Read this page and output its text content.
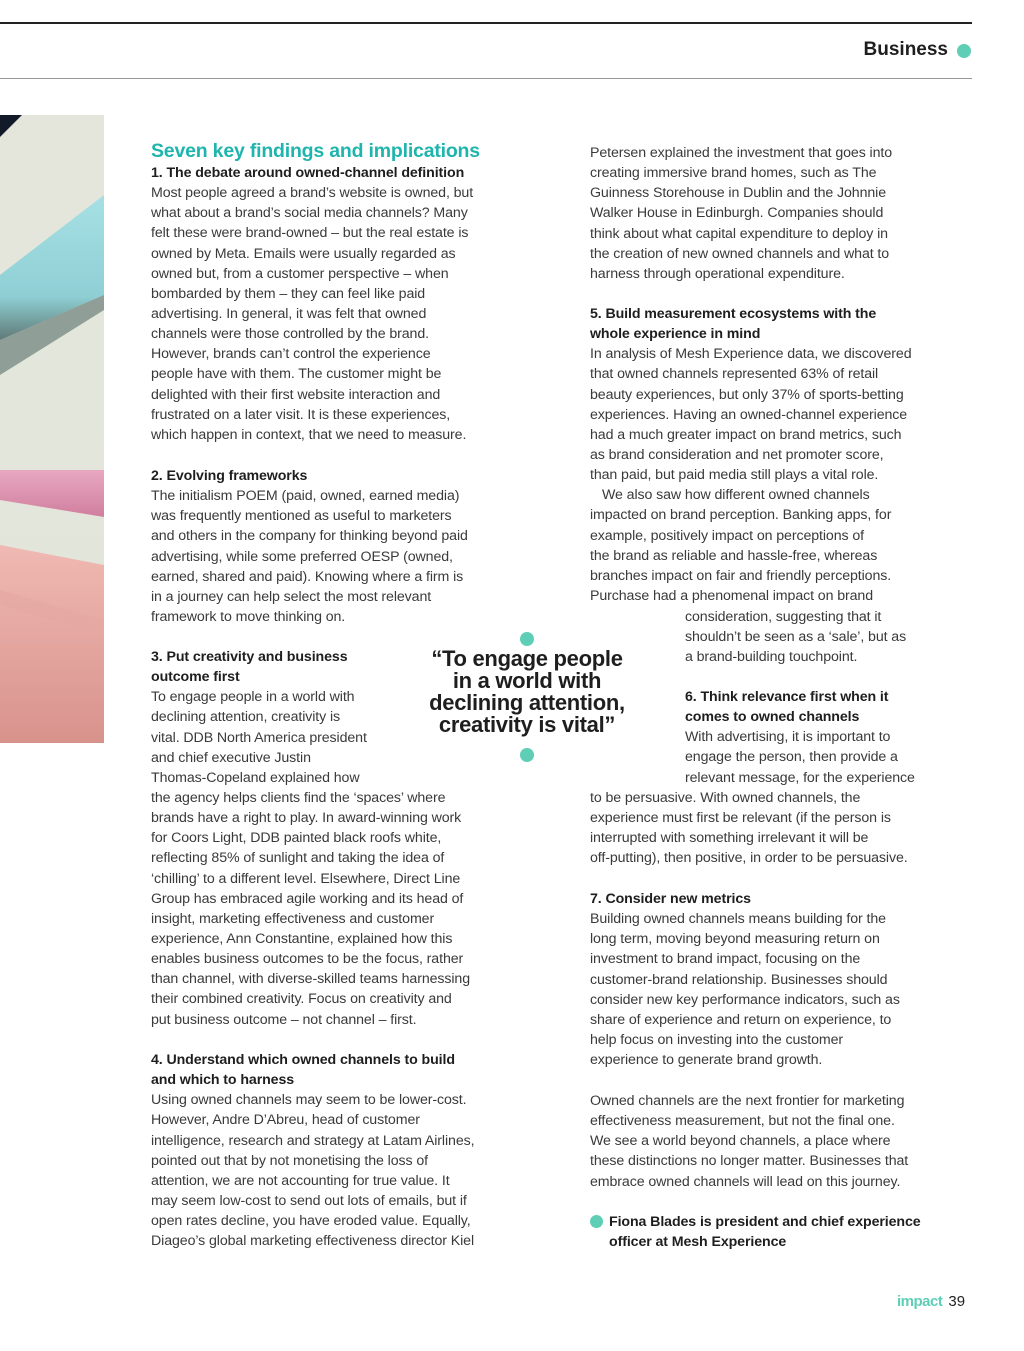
Business
Seven key findings and implications
1. The debate around owned-channel definition
Most people agreed a brand’s website is owned, but
what about a brand’s social media channels? Many
felt these were brand-owned – but the real estate is
owned by Meta. Emails were usually regarded as
owned but, from a customer perspective – when
bombarded by them – they can feel like paid
advertising. In general, it was felt that owned
channels were those controlled by the brand.
However, brands can’t control the experience
people have with them. The customer might be
delighted with their first website interaction and
frustrated on a later visit. It is these experiences,
which happen in context, that we need to measure.
2. Evolving frameworks
The initialism POEM (paid, owned, earned media)
was frequently mentioned as useful to marketers
and others in the company for thinking beyond paid
advertising, while some preferred OESP (owned,
earned, shared and paid). Knowing where a firm is
in a journey can help select the most relevant
framework to move thinking on.
3. Put creativity and business
outcome first
To engage people in a world with
declining attention, creativity is
vital. DDB North America president
and chief executive Justin
Thomas-Copeland explained how
the agency helps clients find the ‘spaces’ where
brands have a right to play. In award-winning work
for Coors Light, DDB painted black roofs white,
reflecting 85% of sunlight and taking the idea of
‘chilling’ to a different level. Elsewhere, Direct Line
Group has embraced agile working and its head of
insight, marketing effectiveness and customer
experience, Ann Constantine, explained how this
enables business outcomes to be the focus, rather
than channel, with diverse-skilled teams harnessing
their combined creativity. Focus on creativity and
put business outcome – not channel – first.
4. Understand which owned channels to build
and which to harness
Using owned channels may seem to be lower-cost.
However, Andre D’Abreu, head of customer
intelligence, research and strategy at Latam Airlines,
pointed out that by not monetising the loss of
attention, we are not accounting for true value. It
may seem low-cost to send out lots of emails, but if
open rates decline, you have eroded value. Equally,
Diageo’s global marketing effectiveness director Kiel
Petersen explained the investment that goes into
creating immersive brand homes, such as The
Guinness Storehouse in Dublin and the Johnnie
Walker House in Edinburgh. Companies should
think about what capital expenditure to deploy in
the creation of new owned channels and what to
harness through operational expenditure.
5. Build measurement ecosystems with the
whole experience in mind
In analysis of Mesh Experience data, we discovered
that owned channels represented 63% of retail
beauty experiences, but only 37% of sports-betting
experiences. Having an owned-channel experience
had a much greater impact on brand metrics, such
as brand consideration and net promoter score,
than paid, but paid media still plays a vital role.
We also saw how different owned channels
impacted on brand perception. Banking apps, for
example, positively impact on perceptions of
the brand as reliable and hassle-free, whereas
branches impact on fair and friendly perceptions.
Purchase had a phenomenal impact on brand
consideration, suggesting that it
shouldn’t be seen as a ‘sale’, but as
a brand-building touchpoint.
6. Think relevance first when it
comes to owned channels
With advertising, it is important to
engage the person, then provide a
relevant message, for the experience
to be persuasive. With owned channels, the
experience must first be relevant (if the person is
interrupted with something irrelevant it will be
off-putting), then positive, in order to be persuasive.
7. Consider new metrics
Building owned channels means building for the
long term, moving beyond measuring return on
investment to brand impact, focusing on the
customer-brand relationship. Businesses should
consider new key performance indicators, such as
share of experience and return on experience, to
help focus on investing into the customer
experience to generate brand growth.
Owned channels are the next frontier for marketing
effectiveness measurement, but not the final one.
We see a world beyond channels, a place where
these distinctions no longer matter. Businesses that
embrace owned channels will lead on this journey.
Fiona Blades is president and chief experience
officer at Mesh Experience
“To engage people
in a world with
declining attention,
creativity is vital”
impact 39
